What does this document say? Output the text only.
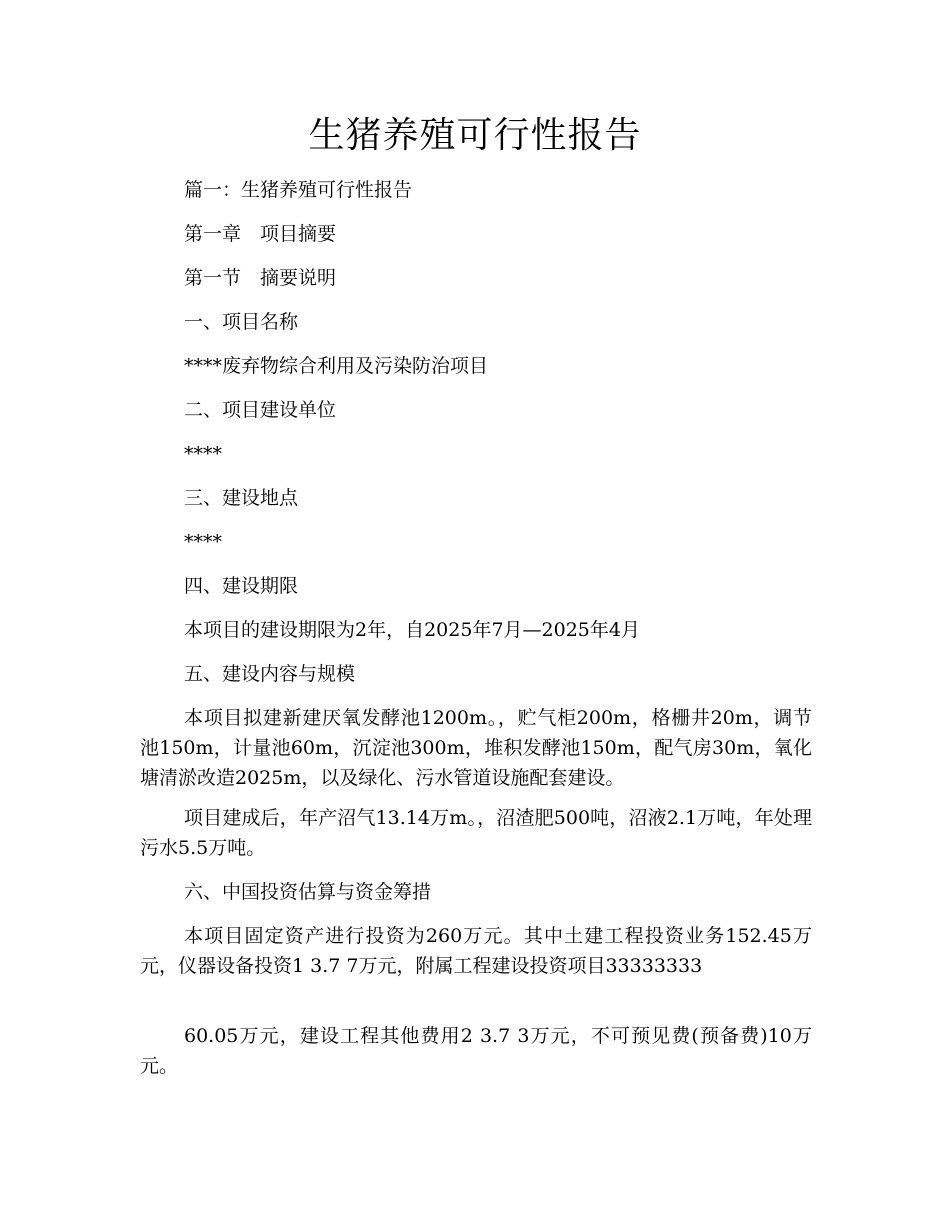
生猪养殖可行性报告

篇一：生猪养殖可行性报告

第一章　项目摘要

第一节　摘要说明

一、项目名称

****废弃物综合利用及污染防治项目

二、项目建设单位

****

三、建设地点

****

四、建设期限

本项目的建设期限为2年，自2025年7月—2025年4月

五、建设内容与规模

本项目拟建新建厌氧发酵池1200m。，贮气柜200m，格栅井20m，调节池150m，计量池60m，沉淀池300m，堆积发酵池150m，配气房30m，氧化塘清淤改造2025m，以及绿化、污水管道设施配套建设。

项目建成后，年产沼气13.14万m。，沼渣肥500吨，沼液2.1万吨，年处理污水5.5万吨。

六、中国投资估算与资金筹措

本项目固定资产进行投资为260万元。其中土建工程投资业务152.45万元，仪器设备投资1 3.7 7万元，附属工程建设投资项目33333333

60.05万元，建设工程其他费用2 3.7 3万元，不可预见费(预备费)10万元。
